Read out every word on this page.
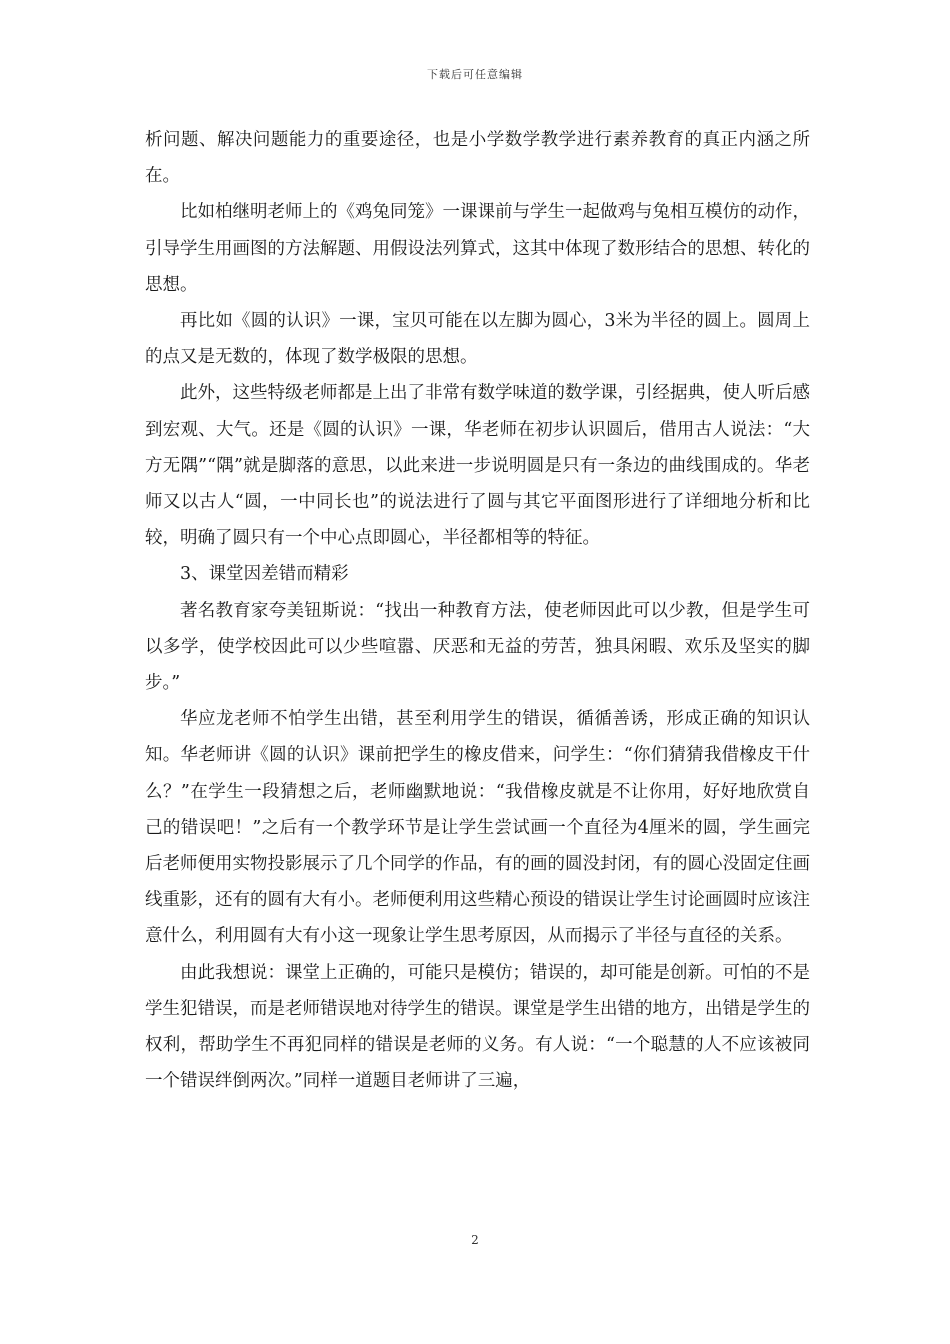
下载后可任意编辑

析问题、解决问题能力的重要途径，也是小学数学教学进行素养教育的真正内涵之所在。

比如柏继明老师上的《鸡兔同笼》一课课前与学生一起做鸡与兔相互模仿的动作，引导学生用画图的方法解题、用假设法列算式，这其中体现了数形结合的思想、转化的思想。

再比如《圆的认识》一课，宝贝可能在以左脚为圆心，3米为半径的圆上。圆周上的点又是无数的，体现了数学极限的思想。

此外，这些特级老师都是上出了非常有数学味道的数学课，引经据典，使人听后感到宏观、大气。还是《圆的认识》一课，华老师在初步认识圆后，借用古人说法：“大方无隅”“隅”就是脚落的意思，以此来进一步说明圆是只有一条边的曲线围成的。华老师又以古人“圆，一中同长也”的说法进行了圆与其它平面图形进行了详细地分析和比较，明确了圆只有一个中心点即圆心，半径都相等的特征。

3、课堂因差错而精彩

著名教育家夸美钮斯说：“找出一种教育方法，使老师因此可以少教，但是学生可以多学，使学校因此可以少些喧嚣、厌恶和无益的劳苦，独具闲暇、欢乐及坚实的脚步。”

华应龙老师不怕学生出错，甚至利用学生的错误，循循善诱，形成正确的知识认知。华老师讲《圆的认识》课前把学生的橡皮借来，问学生：“你们猜猜我借橡皮干什么？”在学生一段猜想之后，老师幽默地说：“我借橡皮就是不让你用，好好地欣赏自己的错误吧！”之后有一个教学环节是让学生尝试画一个直径为4厘米的圆，学生画完后老师便用实物投影展示了几个同学的作品，有的画的圆没封闭，有的圆心没固定住画线重影，还有的圆有大有小。老师便利用这些精心预设的错误让学生讨论画圆时应该注意什么，利用圆有大有小这一现象让学生思考原因，从而揭示了半径与直径的关系。

由此我想说：课堂上正确的，可能只是模仿；错误的，却可能是创新。可怕的不是学生犯错误，而是老师错误地对待学生的错误。课堂是学生出错的地方，出错是学生的权利，帮助学生不再犯同样的错误是老师的义务。有人说：“一个聪慧的人不应该被同一个错误绊倒两次。”同样一道题目老师讲了三遍，

2
